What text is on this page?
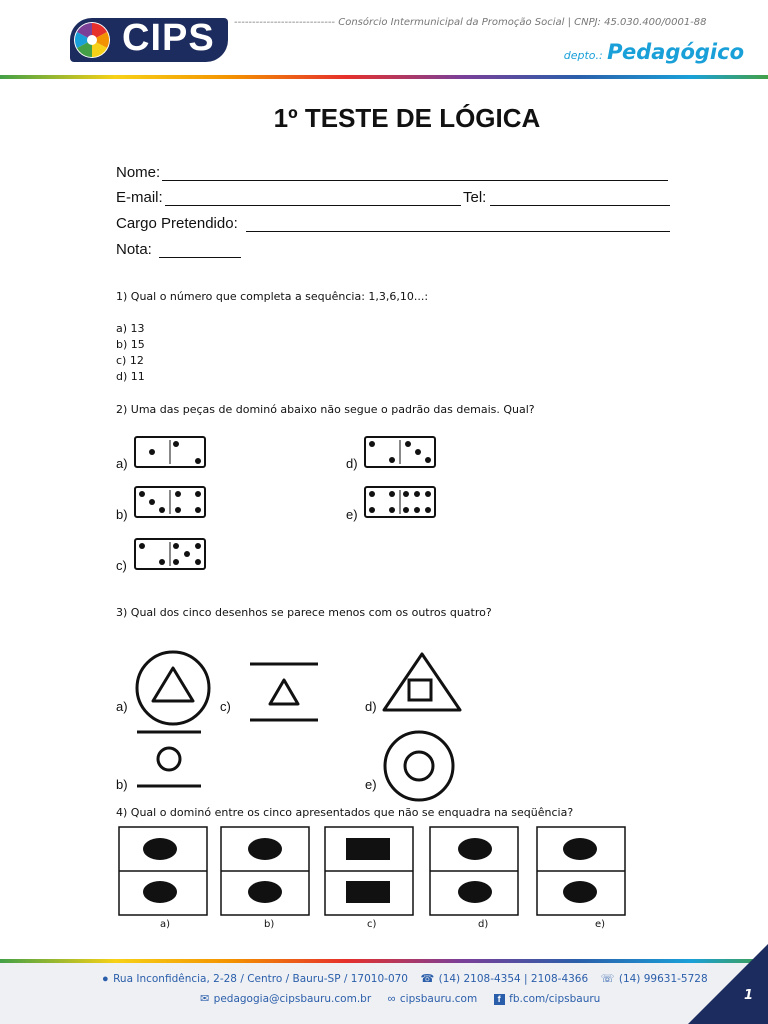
CIPS ---------------------------- Consórcio Intermunicipal da Promoção Social | CNPJ: 45.030.400/0001-88
depto.: Pedagógico
1º TESTE DE LÓGICA
Nome:
E-mail:	Tel:
Cargo Pretendido:
Nota:
1) Qual o número que completa a sequência: 1,3,6,10...:
a) 13
b) 15
c) 12
d) 11
2) Uma das peças de dominó abaixo não segue o padrão das demais. Qual?
a)
b)
c)
d)
e)
3) Qual dos cinco desenhos se parece menos com os outros quatro?
a)	c)	d)
b)	e)
4) Qual o dominó entre os cinco apresentados que não se enquadra na seqüência?
a)	b)	c)	d)	e)
● Rua Inconfidência, 2-28 / Centro / Bauru-SP / 17010-070 ☎ (14) 2108-4354 | 2108-4366 ☏ (14) 99631-5728
✉ pedagogia@cipsbauru.com.br ∞ cipsbauru.com f fb.com/cipsbauru	1
